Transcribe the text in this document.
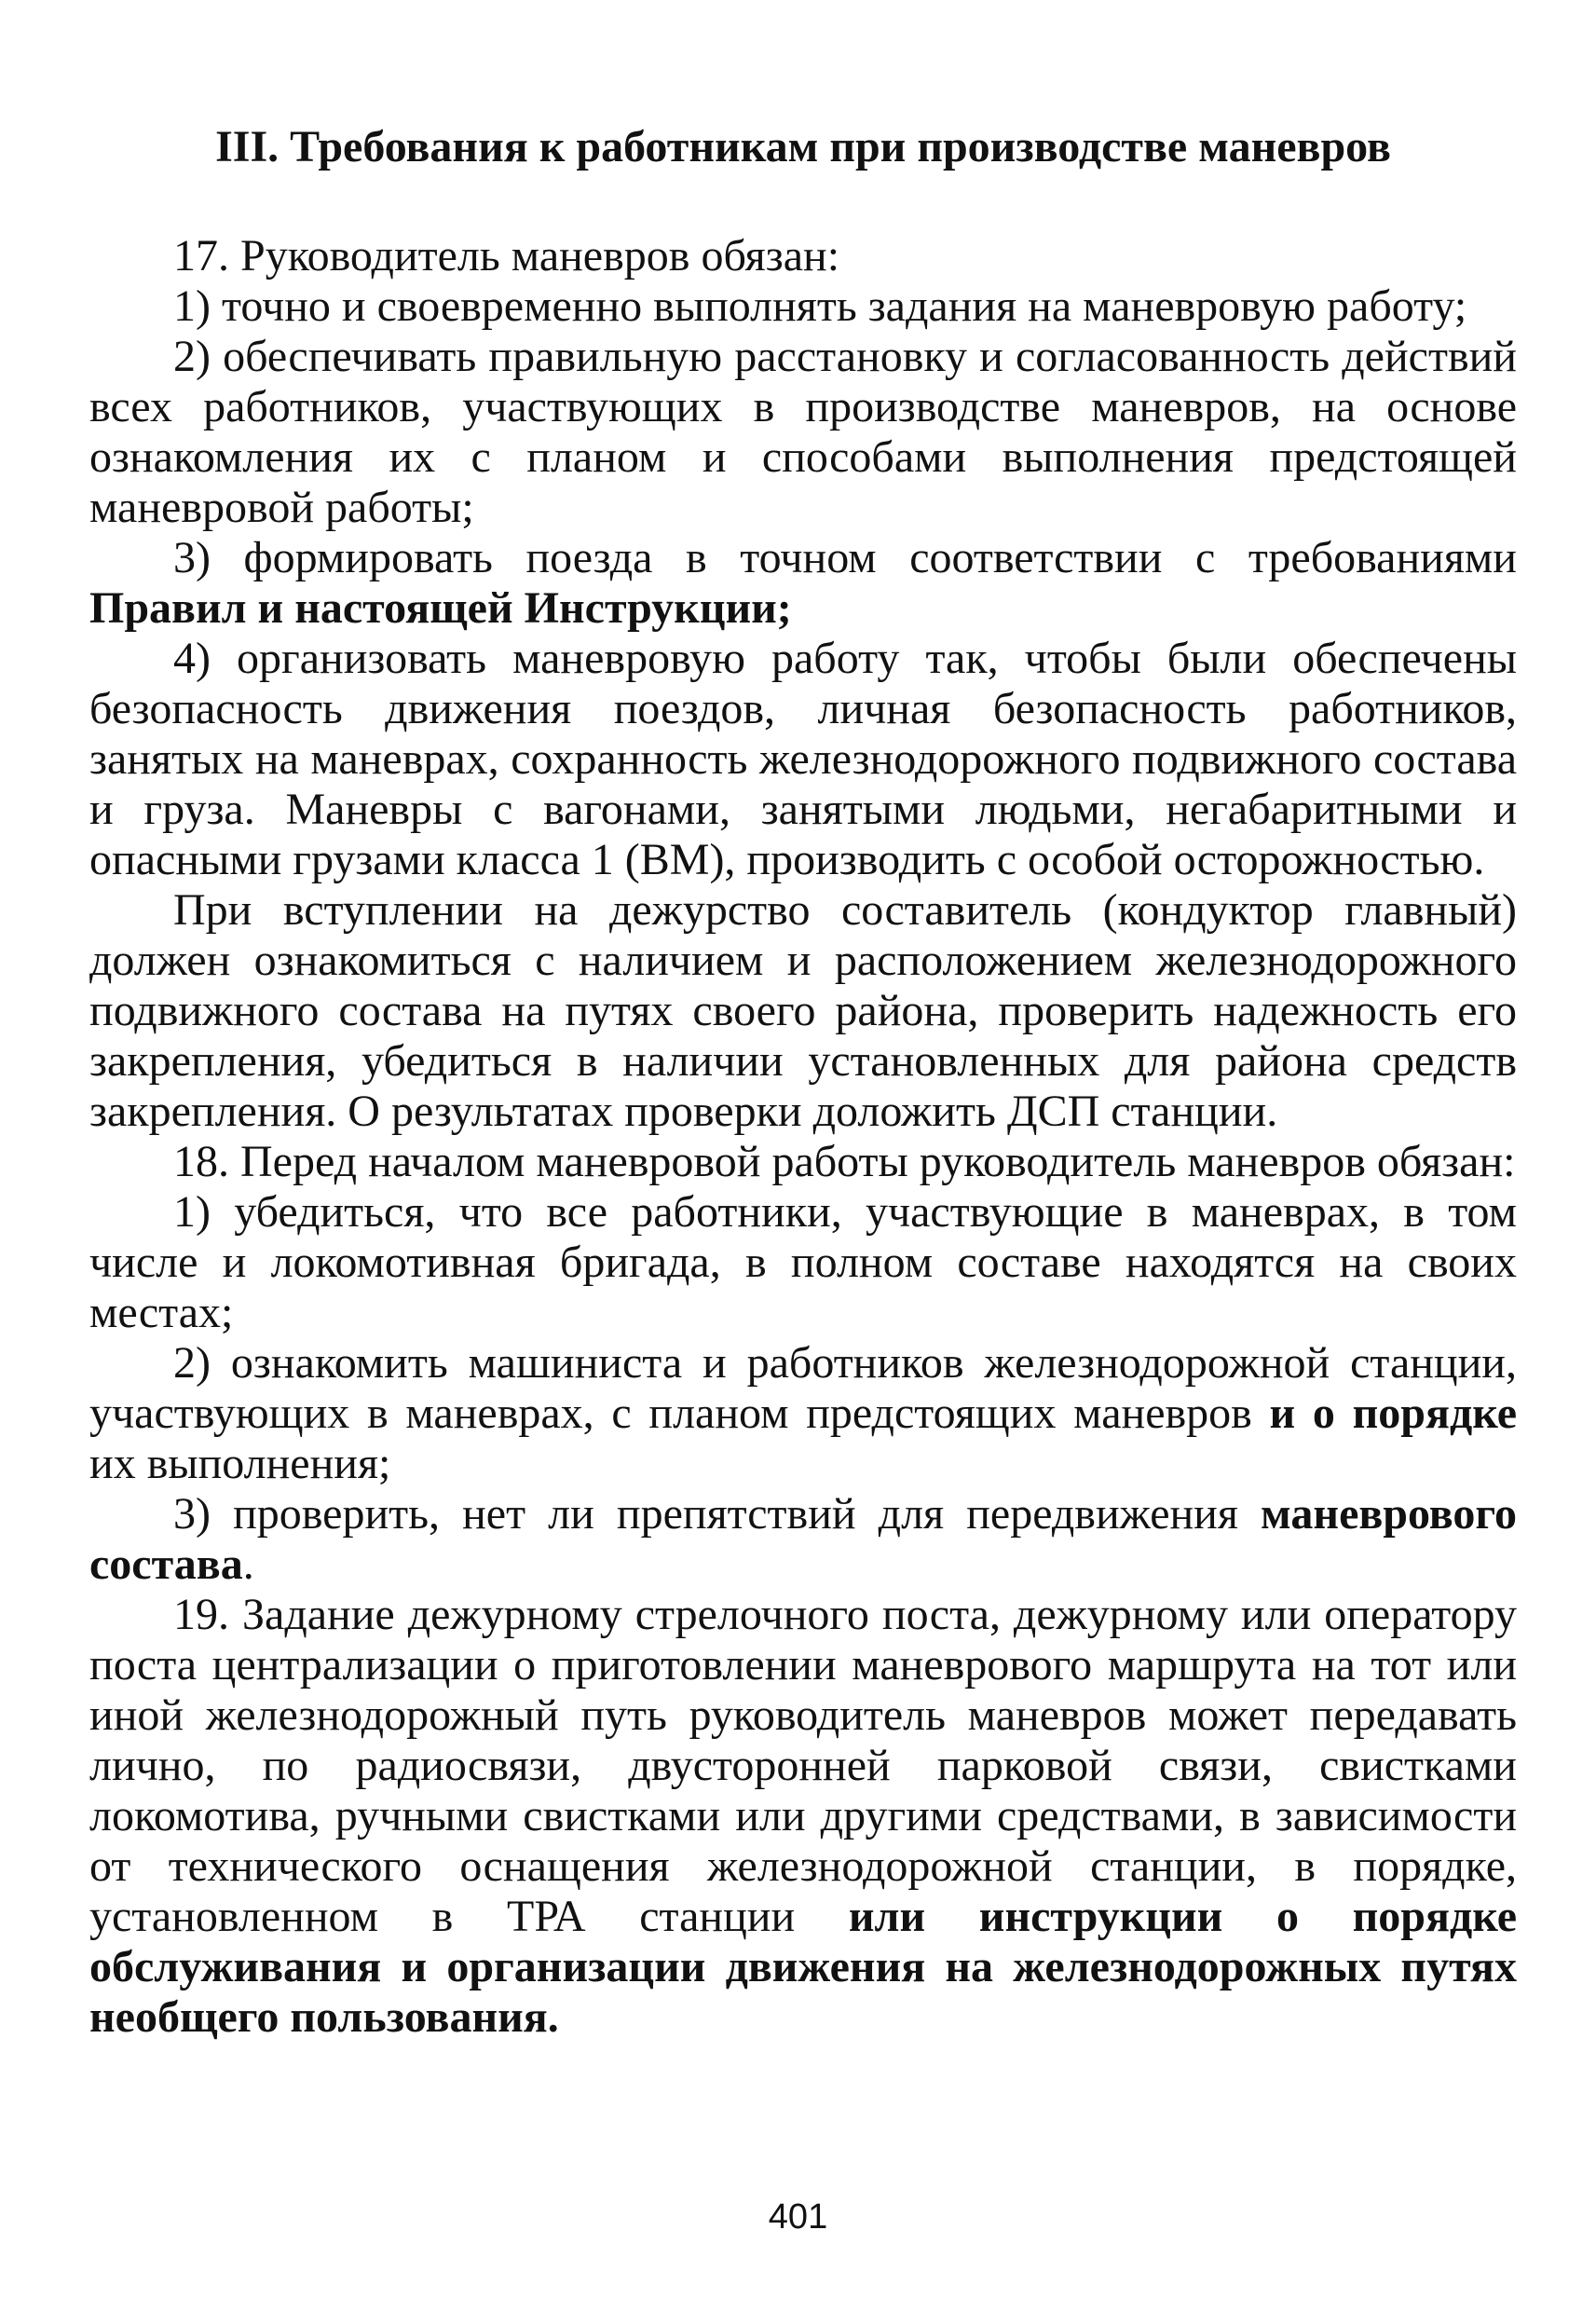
III. Требования к работникам при производстве маневров

17. Руководитель маневров обязан:

1) точно и своевременно выполнять задания на маневровую работу;

2) обеспечивать правильную расстановку и согласованность действий всех работников, участвующих в производстве маневров, на основе ознакомления их с планом и способами выполнения предстоящей маневровой работы;

3) формировать поезда в точном соответствии с требованиями Правил и настоящей Инструкции;

4) организовать маневровую работу так, чтобы были обеспечены безопасность движения поездов, личная безопасность работников, занятых на маневрах, сохранность железнодорожного подвижного состава и груза. Маневры с вагонами, занятыми людьми, негабаритными и опасными грузами класса 1 (ВМ), производить с особой осторожностью.

При вступлении на дежурство составитель (кондуктор главный) должен ознакомиться с наличием и расположением железнодорожного подвижного состава на путях своего района, проверить надежность его закрепления, убедиться в наличии установленных для района средств закрепления. О результатах проверки доложить ДСП станции.

18. Перед началом маневровой работы руководитель маневров обязан:

1) убедиться, что все работники, участвующие в маневрах, в том числе и локомотивная бригада, в полном составе находятся на своих местах;

2) ознакомить машиниста и работников железнодорожной станции, участвующих в маневрах, с планом предстоящих маневров и о порядке их выполнения;

3) проверить, нет ли препятствий для передвижения маневрового состава.

19. Задание дежурному стрелочного поста, дежурному или оператору поста централизации о приготовлении маневрового маршрута на тот или иной железнодорожный путь руководитель маневров может передавать лично, по радиосвязи, двусторонней парковой связи, свистками локомотива, ручными свистками или другими средствами, в зависимости от технического оснащения железнодорожной станции, в порядке, установленном в ТРА станции или инструкции о порядке обслуживания и организации движения на железнодорожных путях необщего пользования.

401
